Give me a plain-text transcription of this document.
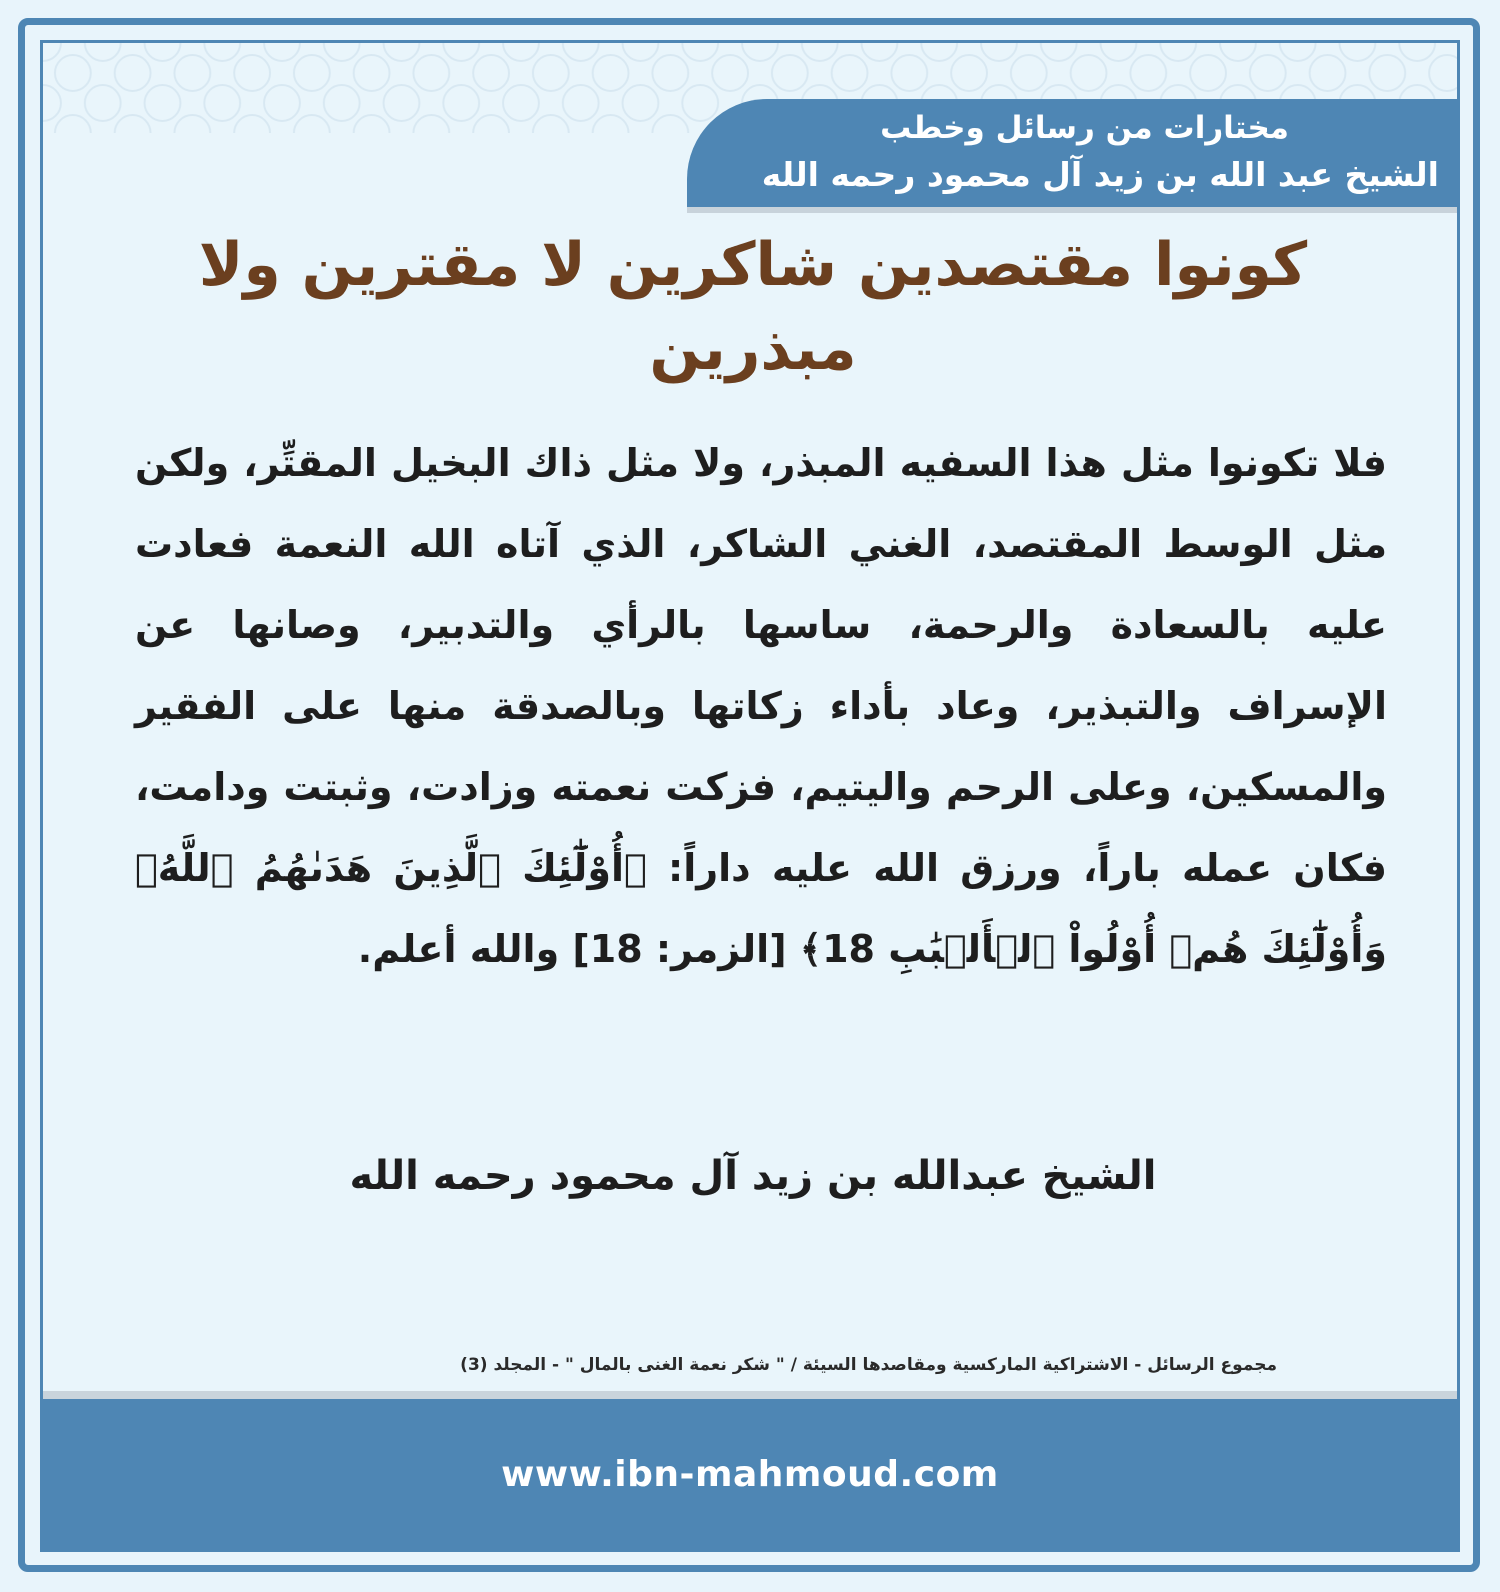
مختارات من رسائل وخطب
الشيخ عبد الله بن زيد آل محمود رحمه الله
كونوا مقتصدين شاكرين لا مقترين ولا مبذرين

فلا تكونوا مثل هذا السفيه المبذر، ولا مثل ذاك البخيل المقتِّر، ولكن مثل الوسط المقتصد، الغني الشاكر، الذي آتاه الله النعمة فعادت عليه بالسعادة والرحمة، ساسها بالرأي والتدبير، وصانها عن الإسراف والتبذير، وعاد بأداء زكاتها وبالصدقة منها على الفقير والمسكين، وعلى الرحم واليتيم، فزكت نعمته وزادت، وثبتت ودامت، فكان عمله باراً، ورزق الله عليه داراً: ﴿أُوْلَٰٓئِكَ ٱلَّذِينَ هَدَىٰهُمُ ٱللَّهُۖ وَأُوْلَٰٓئِكَ هُمۡ أُوْلُواْ ٱلۡأَلۡبَٰبِ 18﴾ [الزمر: 18] والله أعلم.

الشيخ عبدالله بن زيد آل محمود رحمه الله
مجموع الرسائل - الاشتراكية الماركسية ومقاصدها السيئة / " شكر نعمة الغنى بالمال " - المجلد (3)
www.ibn-mahmoud.com
